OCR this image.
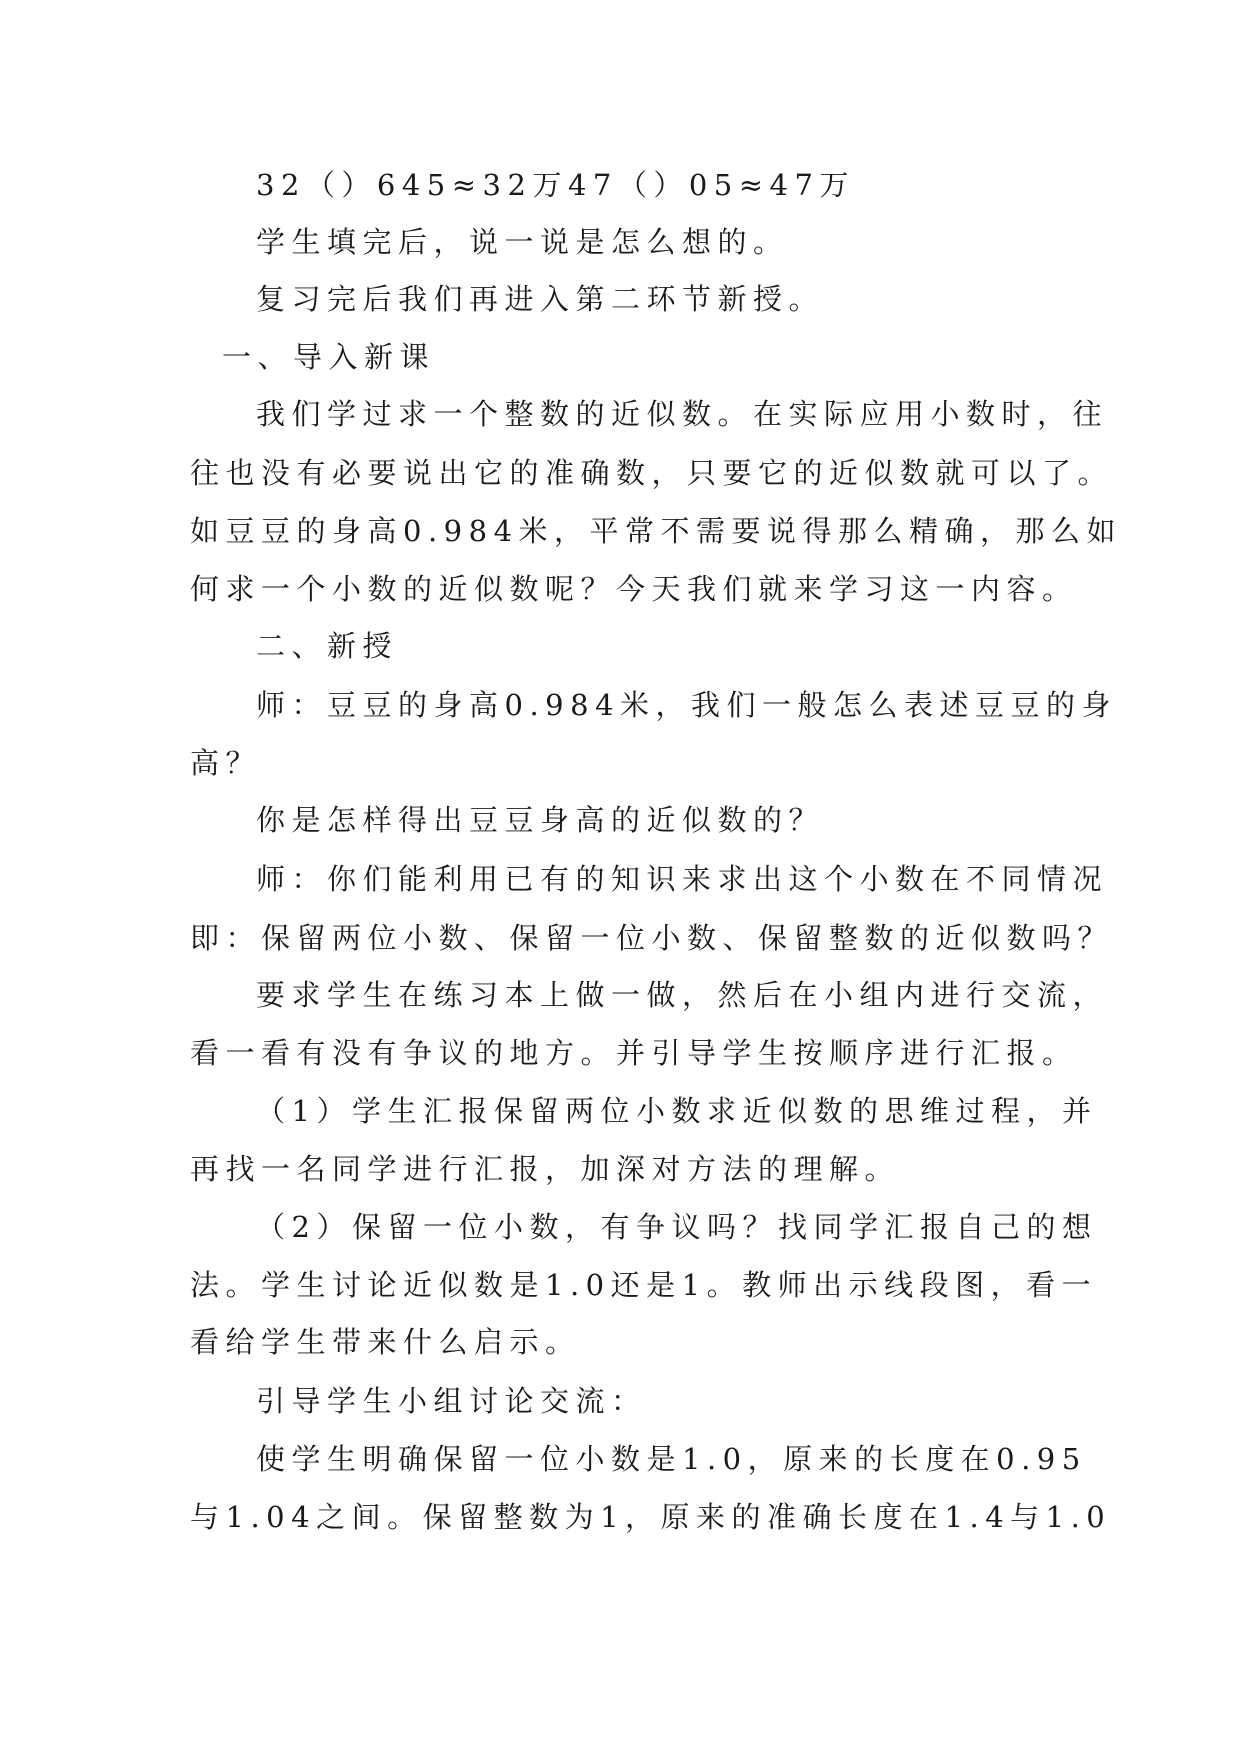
32（）645≈32万47（）05≈47万
学生填完后，说一说是怎么想的。
复习完后我们再进入第二环节新授。
一、导入新课
我们学过求一个整数的近似数。在实际应用小数时，往
往也没有必要说出它的准确数，只要它的近似数就可以了。
如豆豆的身高0.984米，平常不需要说得那么精确，那么如
何求一个小数的近似数呢？今天我们就来学习这一内容。
二、新授
师：豆豆的身高0.984米，我们一般怎么表述豆豆的身
高？
你是怎样得出豆豆身高的近似数的？
师：你们能利用已有的知识来求出这个小数在不同情况
即：保留两位小数、保留一位小数、保留整数的近似数吗？
要求学生在练习本上做一做，然后在小组内进行交流，
看一看有没有争议的地方。并引导学生按顺序进行汇报。
（1）学生汇报保留两位小数求近似数的思维过程，并
再找一名同学进行汇报，加深对方法的理解。
（2）保留一位小数，有争议吗？找同学汇报自己的想
法。学生讨论近似数是1.0还是1。教师出示线段图，看一
看给学生带来什么启示。
引导学生小组讨论交流：
使学生明确保留一位小数是1.0，原来的长度在0.95
与1.04之间。保留整数为1，原来的准确长度在1.4与1.0
